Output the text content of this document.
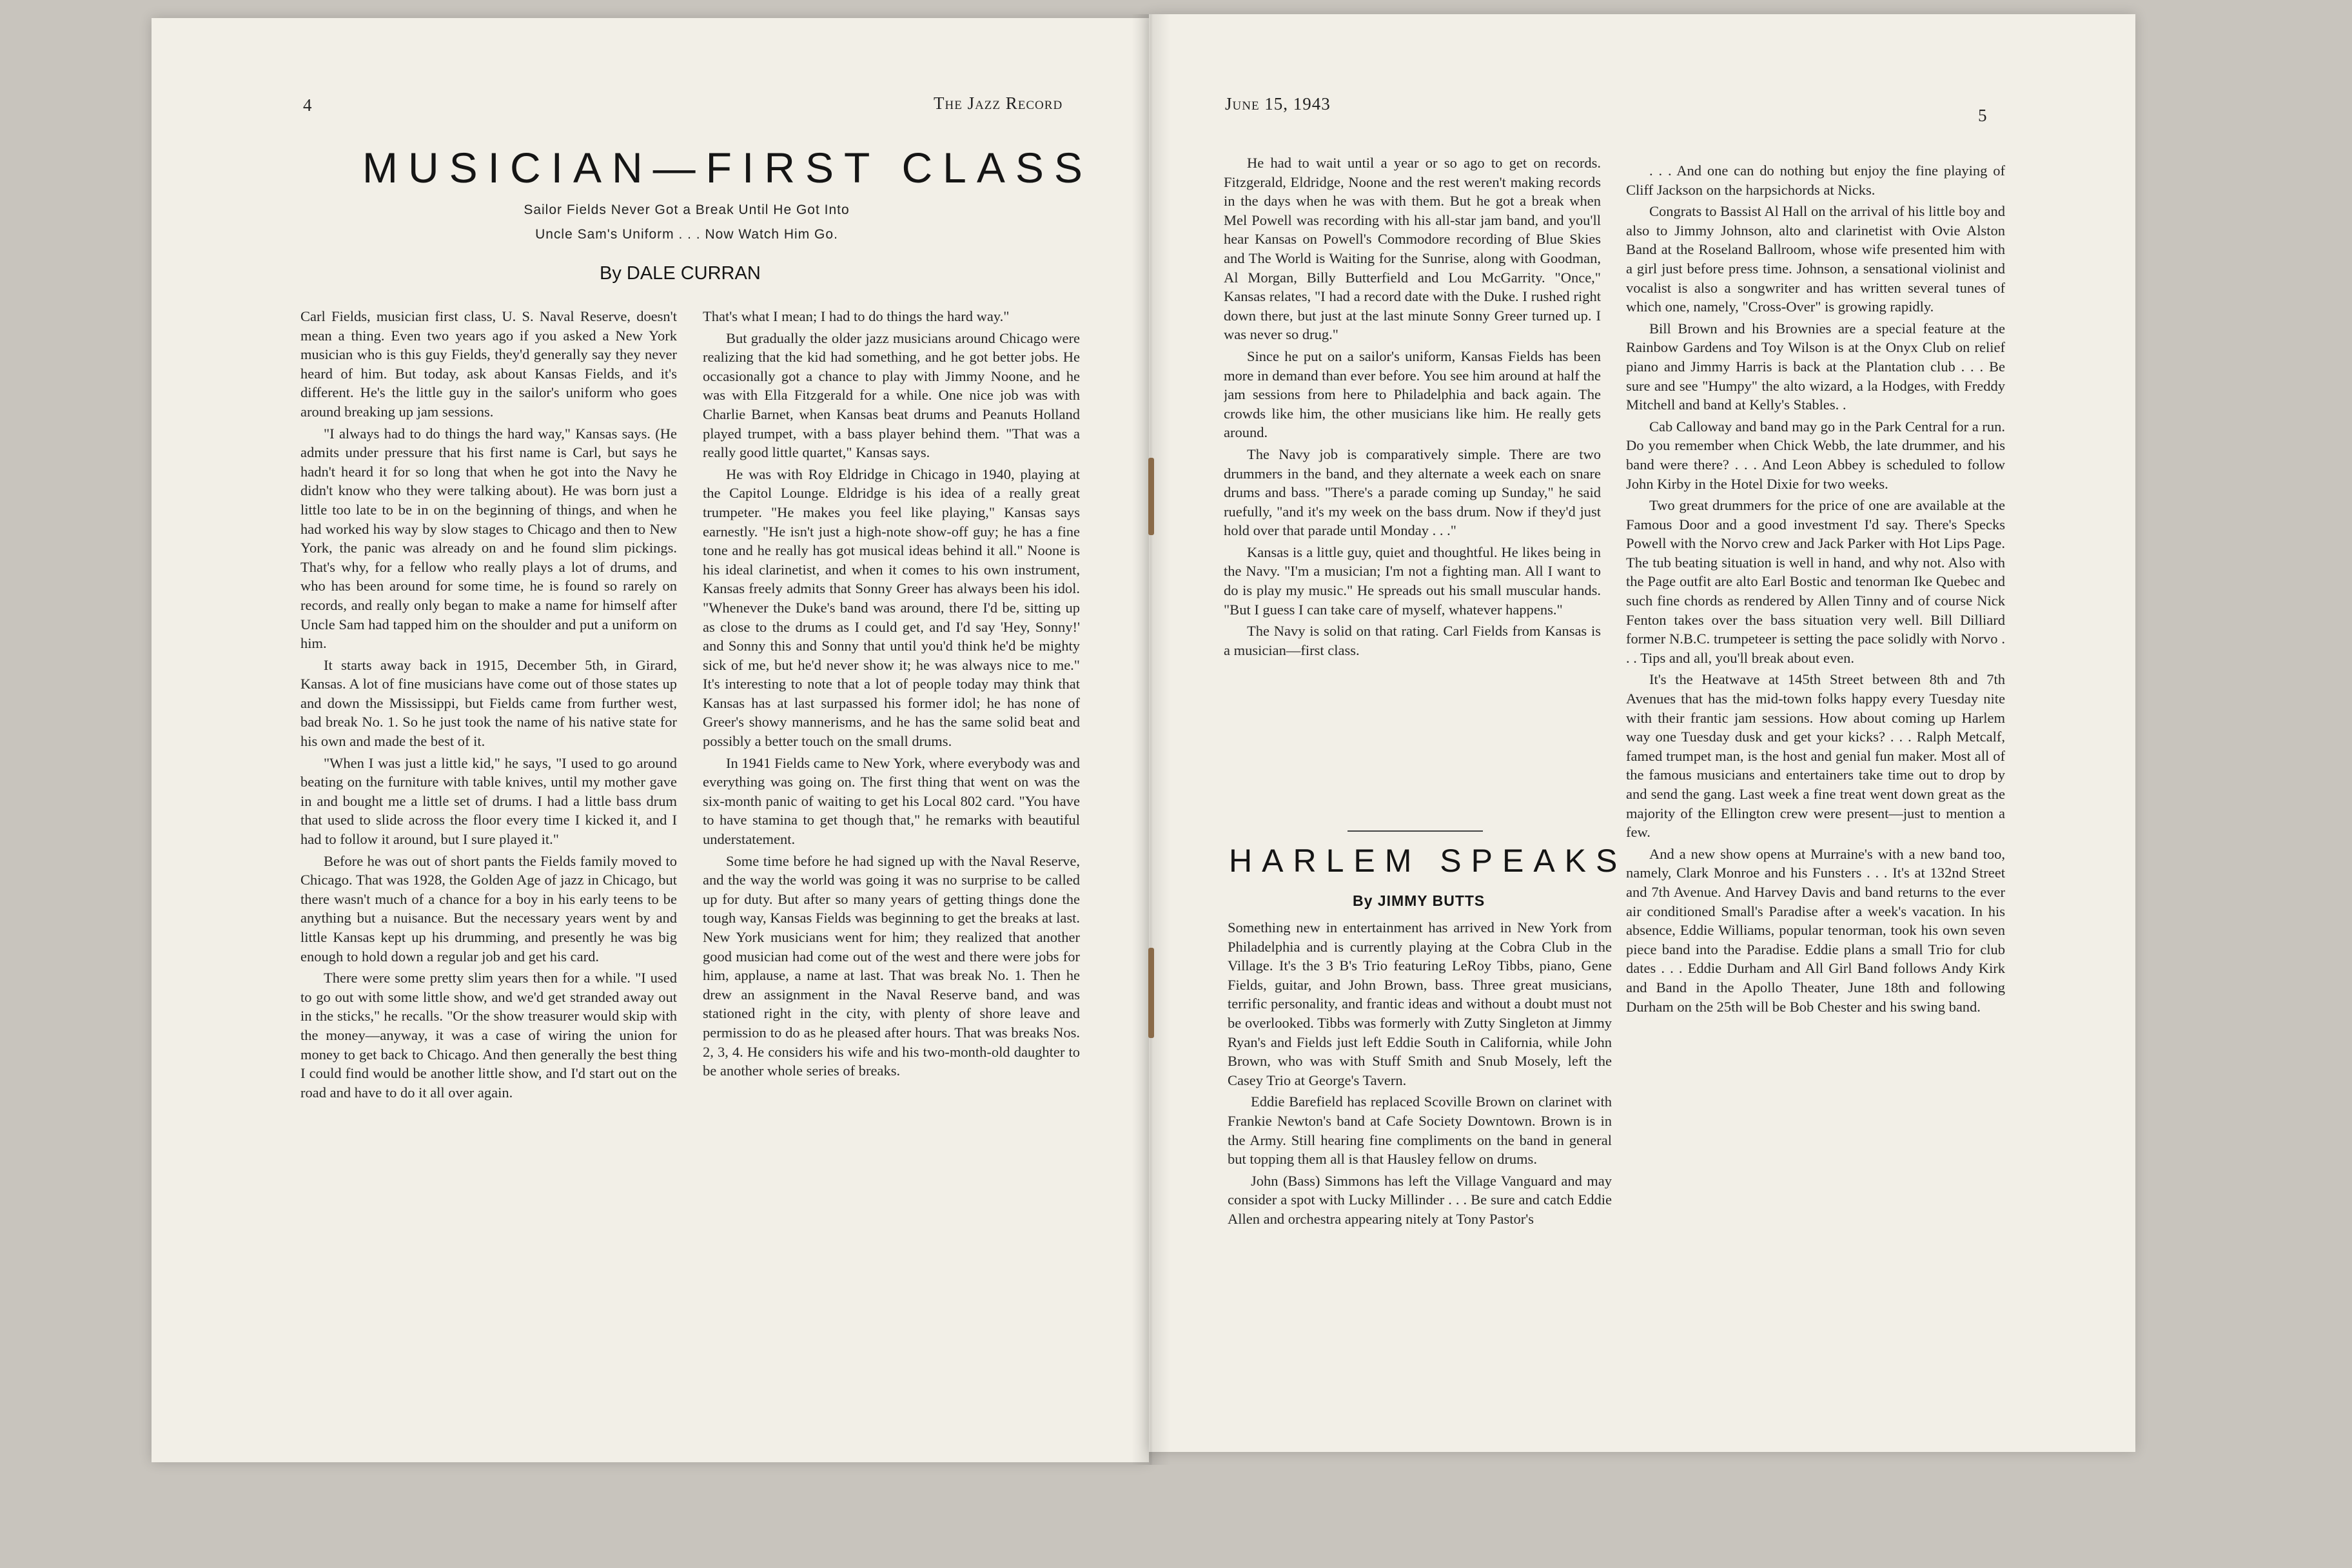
4	The Jazz Record
MUSICIAN—FIRST CLASS
Sailor Fields Never Got a Break Until He Got Into
Uncle Sam's Uniform . . . Now Watch Him Go.
By DALE CURRAN

Carl Fields, musician first class, U. S. Naval Reserve, doesn't mean a thing. Even two years ago if you asked a New York musician who is this guy Fields, they'd generally say they never heard of him. But today, ask about Kansas Fields, and it's different. He's the little guy in the sailor's uniform who goes around breaking up jam sessions.

"I always had to do things the hard way," Kansas says. (He admits under pressure that his first name is Carl, but says he hadn't heard it for so long that when he got into the Navy he didn't know who they were talking about). He was born just a little too late to be in on the beginning of things, and when he had worked his way by slow stages to Chicago and then to New York, the panic was already on and he found slim pickings. That's why, for a fellow who really plays a lot of drums, and who has been around for some time, he is found so rarely on records, and really only began to make a name for himself after Uncle Sam had tapped him on the shoulder and put a uniform on him.

It starts away back in 1915, December 5th, in Girard, Kansas. A lot of fine musicians have come out of those states up and down the Mississippi, but Fields came from further west, bad break No. 1. So he just took the name of his native state for his own and made the best of it.

"When I was just a little kid," he says, "I used to go around beating on the furniture with table knives, until my mother gave in and bought me a little set of drums. I had a little bass drum that used to slide across the floor every time I kicked it, and I had to follow it around, but I sure played it."

Before he was out of short pants the Fields family moved to Chicago. That was 1928, the Golden Age of jazz in Chicago, but there wasn't much of a chance for a boy in his early teens to be anything but a nuisance. But the necessary years went by and little Kansas kept up his drumming, and presently he was big enough to hold down a regular job and get his card.

There were some pretty slim years then for a while. "I used to go out with some little show, and we'd get stranded away out in the sticks," he recalls. "Or the show treasurer would skip with the money—anyway, it was a case of wiring the union for money to get back to Chicago. And then generally the best thing I could find would be another little show, and I'd start out on the road and have to do it all over again.

That's what I mean; I had to do things the hard way."

But gradually the older jazz musicians around Chicago were realizing that the kid had something, and he got better jobs. He occasionally got a chance to play with Jimmy Noone, and he was with Ella Fitzgerald for a while. One nice job was with Charlie Barnet, when Kansas beat drums and Peanuts Holland played trumpet, with a bass player behind them. "That was a really good little quartet," Kansas says.

He was with Roy Eldridge in Chicago in 1940, playing at the Capitol Lounge. Eldridge is his idea of a really great trumpeter. "He makes you feel like playing," Kansas says earnestly. "He isn't just a high-note show-off guy; he has a fine tone and he really has got musical ideas behind it all." Noone is his ideal clarinetist, and when it comes to his own instrument, Kansas freely admits that Sonny Greer has always been his idol. "Whenever the Duke's band was around, there I'd be, sitting up as close to the drums as I could get, and I'd say 'Hey, Sonny!' and Sonny this and Sonny that until you'd think he'd be mighty sick of me, but he'd never show it; he was always nice to me." It's interesting to note that a lot of people today may think that Kansas has at last surpassed his former idol; he has none of Greer's showy mannerisms, and he has the same solid beat and possibly a better touch on the small drums.

In 1941 Fields came to New York, where everybody was and everything was going on. The first thing that went on was the six-month panic of waiting to get his Local 802 card. "You have to have stamina to get though that," he remarks with beautiful understatement.

Some time before he had signed up with the Naval Reserve, and the way the world was going it was no surprise to be called up for duty. But after so many years of getting things done the tough way, Kansas Fields was beginning to get the breaks at last. New York musicians went for him; they realized that another good musician had come out of the west and there were jobs for him, applause, a name at last. That was break No. 1. Then he drew an assignment in the Naval Reserve band, and was stationed right in the city, with plenty of shore leave and permission to do as he pleased after hours. That was breaks Nos. 2, 3, 4. He considers his wife and his two-month-old daughter to be another whole series of breaks.

June 15, 1943
5

He had to wait until a year or so ago to get on records. Fitzgerald, Eldridge, Noone and the rest weren't making records in the days when he was with them. But he got a break when Mel Powell was recording with his all-star jam band, and you'll hear Kansas on Powell's Commodore recording of Blue Skies and The World is Waiting for the Sunrise, along with Goodman, Al Morgan, Billy Butterfield and Lou McGarrity. "Once," Kansas relates, "I had a record date with the Duke. I rushed right down there, but just at the last minute Sonny Greer turned up. I was never so drug."

Since he put on a sailor's uniform, Kansas Fields has been more in demand than ever before. You see him around at half the jam sessions from here to Philadelphia and back again. The crowds like him, the other musicians like him. He really gets around.

The Navy job is comparatively simple. There are two drummers in the band, and they alternate a week each on snare drums and bass. "There's a parade coming up Sunday," he said ruefully, "and it's my week on the bass drum. Now if they'd just hold over that parade until Monday . . ."

Kansas is a little guy, quiet and thoughtful. He likes being in the Navy. "I'm a musician; I'm not a fighting man. All I want to do is play my music." He spreads out his small muscular hands. "But I guess I can take care of myself, whatever happens."

The Navy is solid on that rating. Carl Fields from Kansas is a musician—first class.

HARLEM SPEAKS
By JIMMY BUTTS

Something new in entertainment has arrived in New York from Philadelphia and is currently playing at the Cobra Club in the Village. It's the 3 B's Trio featuring LeRoy Tibbs, piano, Gene Fields, guitar, and John Brown, bass. Three great musicians, terrific personality, and frantic ideas and without a doubt must not be overlooked. Tibbs was formerly with Zutty Singleton at Jimmy Ryan's and Fields just left Eddie South in California, while John Brown, who was with Stuff Smith and Snub Mosely, left the Casey Trio at George's Tavern.

Eddie Barefield has replaced Scoville Brown on clarinet with Frankie Newton's band at Cafe Society Downtown. Brown is in the Army. Still hearing fine compliments on the band in general but topping them all is that Hausley fellow on drums.

John (Bass) Simmons has left the Village Vanguard and may consider a spot with Lucky Millinder . . . Be sure and catch Eddie Allen and orchestra appearing nitely at Tony Pastor's

. . . And one can do nothing but enjoy the fine playing of Cliff Jackson on the harpsichords at Nicks.

Congrats to Bassist Al Hall on the arrival of his little boy and also to Jimmy Johnson, alto and clarinetist with Ovie Alston Band at the Roseland Ballroom, whose wife presented him with a girl just before press time. Johnson, a sensational violinist and vocalist is also a songwriter and has written several tunes of which one, namely, "Cross-Over" is growing rapidly.

Bill Brown and his Brownies are a special feature at the Rainbow Gardens and Toy Wilson is at the Onyx Club on relief piano and Jimmy Harris is back at the Plantation club . . . Be sure and see "Humpy" the alto wizard, a la Hodges, with Freddy Mitchell and band at Kelly's Stables. .

Cab Calloway and band may go in the Park Central for a run. Do you remember when Chick Webb, the late drummer, and his band were there? . . . And Leon Abbey is scheduled to follow John Kirby in the Hotel Dixie for two weeks.

Two great drummers for the price of one are available at the Famous Door and a good investment I'd say. There's Specks Powell with the Norvo crew and Jack Parker with Hot Lips Page. The tub beating situation is well in hand, and why not. Also with the Page outfit are alto Earl Bostic and tenorman Ike Quebec and such fine chords as rendered by Allen Tinny and of course Nick Fenton takes over the bass situation very well. Bill Dilliard former N.B.C. trumpeteer is setting the pace solidly with Norvo . . . Tips and all, you'll break about even.

It's the Heatwave at 145th Street between 8th and 7th Avenues that has the mid-town folks happy every Tuesday nite with their frantic jam sessions. How about coming up Harlem way one Tuesday dusk and get your kicks? . . . Ralph Metcalf, famed trumpet man, is the host and genial fun maker. Most all of the famous musicians and entertainers take time out to drop by and send the gang. Last week a fine treat went down great as the majority of the Ellington crew were present—just to mention a few.

And a new show opens at Murraine's with a new band too, namely, Clark Monroe and his Funsters . . . It's at 132nd Street and 7th Avenue. And Harvey Davis and band returns to the ever air conditioned Small's Paradise after a week's vacation. In his absence, Eddie Williams, popular tenorman, took his own seven piece band into the Paradise. Eddie plans a small Trio for club dates . . . Eddie Durham and All Girl Band follows Andy Kirk and Band in the Apollo Theater, June 18th and following Durham on the 25th will be Bob Chester and his swing band.
